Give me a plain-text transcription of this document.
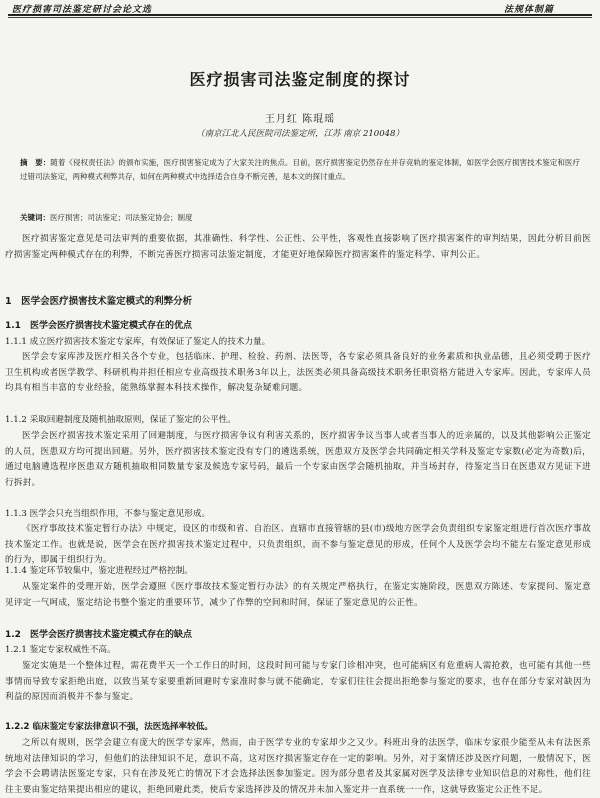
医疗损害司法鉴定研讨会论文选	法规体制篇
医疗损害司法鉴定制度的探讨
王月红 陈琨瑶
（南京江北人民医院司法鉴定所，江苏 南京 210048）
摘　要：随着《侵权责任法》的颁布实施，医疗损害鉴定成为了大家关注的焦点。目前，医疗损害鉴定仍然存在并存竞轨的鉴定体制，如医学会医疗损害技术鉴定和医疗过错司法鉴定，两种模式利弊共存，如何在两种模式中选择适合自身不断完善，是本文的探讨重点。
关键词：医疗损害；司法鉴定；司法鉴定协会；制度
医疗损害鉴定意见是司法审判的重要依据，其准确性、科学性、公正性、公平性，客观性直接影响了医疗损害案件的审判结果，因此分析目前医疗损害鉴定两种模式存在的利弊，不断完善医疗损害司法鉴定制度，才能更好地保障医疗损害案件的鉴定科学、审判公正。
1　医学会医疗损害技术鉴定模式的利弊分析
1.1　医学会医疗损害技术鉴定模式存在的优点
1.1.1 成立医疗损害技术鉴定专家库，有效保证了鉴定人的技术力量。
医学会专家库涉及医疗相关各个专业，包括临床、护理、检验、药剂、法医等，各专家必须具备良好的业务素质和执业品德，且必须受聘于医疗卫生机构或者医学教学、科研机构并担任相应专业高级技术职务3年以上，法医类必须具备高级技术职务任职资格方能进入专家库。因此，专家库人员均具有相当丰富的专业经验，能熟练掌握本科技术操作，解决复杂疑难问题。
1.1.2 采取回避制度及随机抽取原则，保证了鉴定的公平性。
医学会医疗损害技术鉴定采用了回避制度，与医疗损害争议有利害关系的，医疗损害争议当事人或者当事人的近亲属的，以及其他影响公正鉴定的人员，医患双方均可提出回避。另外，医疗损害技术鉴定没有专门的遴选系统，医患双方及医学会共同确定相关学科及鉴定专家数(必定为奇数)后，通过电脑遴选程序医患双方随机抽取相同数量专家及候选专家号码，最后一个专家由医学会随机抽取，并当场封存，待鉴定当日在医患双方见证下进行拆封。
1.1.3 医学会只充当组织作用，不参与鉴定意见形成。
《医疗事故技术鉴定暂行办法》中规定，设区的市级和省、自治区、直辖市直接管辖的县(市)级地方医学会负责组织专家鉴定组进行首次医疗事故技术鉴定工作。也就是说，医学会在医疗损害技术鉴定过程中，只负责组织，而不参与鉴定意见的形成，任何个人及医学会均不能左右鉴定意见形成的行为，即属于组织行为。
1.1.4 鉴定环节较集中，鉴定进程经过严格控制。
从鉴定案件的受理开始，医学会遵照《医疗事故技术鉴定暂行办法》的有关规定严格执行，在鉴定实施阶段，医患双方陈述、专家提问、鉴定意见评定一气呵成，鉴定结论书整个鉴定的重要环节，减少了作弊的空间和时间，保证了鉴定意见的公正性。
1.2　医学会医疗损害技术鉴定模式存在的缺点
1.2.1 鉴定专家权威性不高。
鉴定实施是一个整体过程，需花费半天一个工作日的时间，这段时间可能与专家门诊相冲突，也可能病区有危重病人需抢救，也可能有其他一些事情而导致专家拒绝出庭，以致当某专家要重新回避时专家准时参与就不能确定，专家们往往会提出拒绝参与鉴定的要求，也存在部分专家对缺因为利益的原因而消极并不参与鉴定。
1.2.2 临床鉴定专家法律意识不强，法医选择率较低。
之所以有规则，医学会建立有庞大的医学专家库，然而，由于医学专业的专家却少之又少。科班出身的法医学，临床专家很少能至从未有法医系统地对法律知识的学习，但他们的法律知识不足，意识不高，这对医疗损害鉴定存在一定的影响。另外，对于案情还涉及医疗问题，一般情况下，医学会不会聘请法医鉴定专家，只有在涉及死亡的情况下才会选择法医参加鉴定。因为部分患者及其家属对医学及法律专业知识信息的对称性，他们往往主要由鉴定结果提出相应的建议，拒绝回避此类，使后专家选择涉及的情况并未加入鉴定并一直系统一一作，这就导致鉴定公正性不足。
